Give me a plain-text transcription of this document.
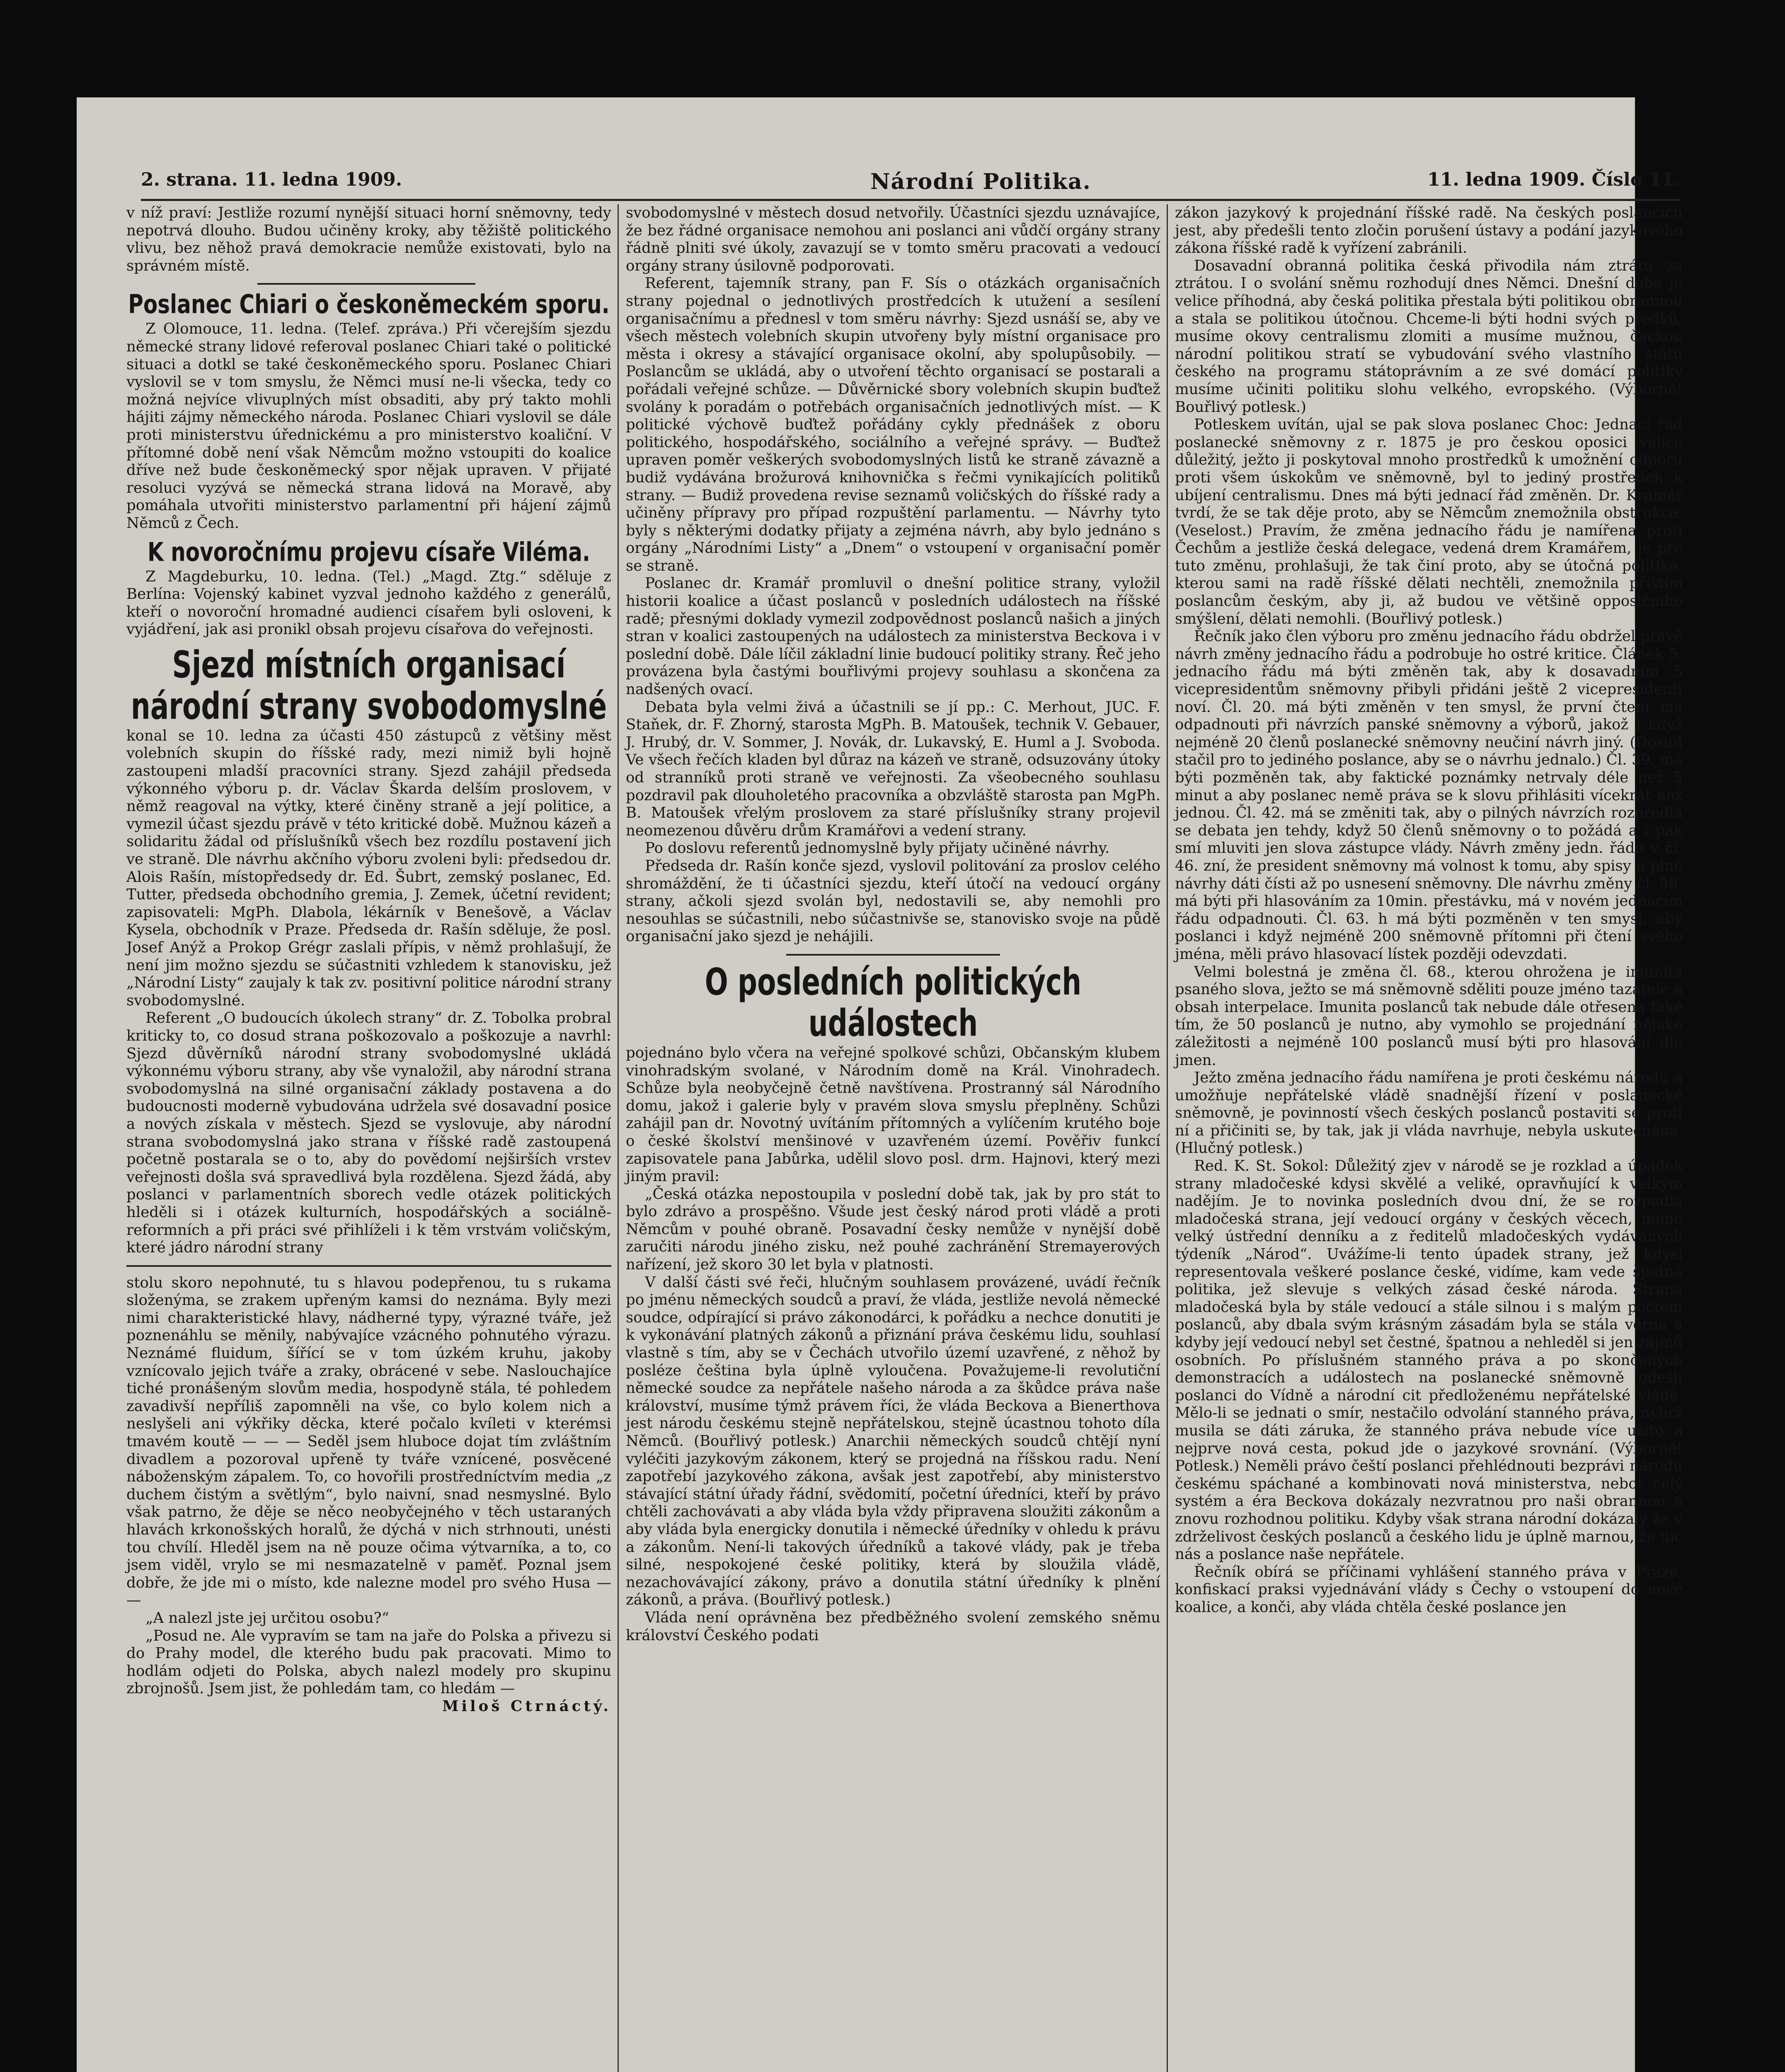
2. strana. 11. ledna 1909.	Národní Politika.	11. ledna 1909. Číslo 11.

v níž praví: Jestliže rozumí nynější situaci horní sněmovny, tedy nepotrvá dlouho. Budou učiněny kroky, aby těžiště politického vlivu, bez něhož pravá demokracie nemůže existovati, bylo na správném místě.

Poslanec Chiari o českoněmeckém sporu.

Z Olomouce, 11. ledna. (Telef. zpráva.) Při včerejším sjezdu německé strany lidové referoval poslanec Chiari také o politické situaci a dotkl se také českoněmeckého sporu. Poslanec Chiari vyslovil se v tom smyslu, že Němci musí ne-li všecka, tedy co možná nejvíce vlivuplných míst obsaditi, aby prý takto mohli hájiti zájmy německého národa. Poslanec Chiari vyslovil se dále proti ministerstvu úřednickému a pro ministerstvo koaliční. V přítomné době není však Němcům možno vstoupiti do koalice dříve než bude českoněmecký spor nějak upraven. V přijaté resoluci vyzývá se německá strana lidová na Moravě, aby pomáhala utvořiti ministerstvo parlamentní při hájení zájmů Němců z Čech.

K novoročnímu projevu císaře Viléma.

Z Magdeburku, 10. ledna. (Tel.) „Magd. Ztg.“ sděluje z Berlína: Vojenský kabinet vyzval jednoho každého z generálů, kteří o novoroční hromadné audienci císařem byli osloveni, k vyjádření, jak asi pronikl obsah projevu císařova do veřejnosti.

Sjezd místních organisací národní strany svobodomyslné

konal se 10. ledna za účasti 450 zástupců z většiny měst volebních skupin do říšské rady, mezi nimiž byli hojně zastoupeni mladší pracovníci strany. Sjezd zahájil předseda výkonného výboru p. dr. Václav Škarda delším proslovem, v němž reagoval na výtky, které činěny straně a její politice, a vymezil účast sjezdu právě v této kritické době. Mužnou kázeň a solidaritu žádal od příslušníků všech bez rozdílu postavení jich ve straně. Dle návrhu akčního výboru zvoleni byli: předsedou dr. Alois Rašín, místopředsedy dr. Ed. Šubrt, zemský poslanec, Ed. Tutter, předseda obchodního gremia, J. Zemek, účetní revident; zapisovateli: MgPh. Dlabola, lékárník v Benešově, a Václav Kysela, obchodník v Praze. Předseda dr. Rašín sděluje, že posl. Josef Anýž a Prokop Grégr zaslali přípis, v němž prohlašují, že není jim možno sjezdu se súčastniti vzhledem k stanovisku, jež „Národní Listy“ zaujaly k tak zv. positivní politice národní strany svobodomyslné.

Referent „O budoucích úkolech strany“ dr. Z. Tobolka probral kriticky to, co dosud strana poškozovalo a poškozuje a navrhl: Sjezd důvěrníků národní strany svobodomyslné ukládá výkonnému výboru strany, aby vše vynaložil, aby národní strana svobodomyslná na silné organisační základy postavena a do budoucnosti moderně vybudována udržela své dosavadní posice a nových získala v městech. Sjezd se vyslovuje, aby národní strana svobodomyslná jako strana v říšské radě zastoupená početně postarala se o to, aby do povědomí nejširších vrstev veřejnosti došla svá spravedlivá byla rozdělena. Sjezd žádá, aby poslanci v parlamentních sborech vedle otázek politických hleděli si i otázek kulturních, hospodářských a sociálně-reformních a při práci své přihlíželi i k těm vrstvám voličským, které jádro národní strany

stolu skoro nepohnuté, tu s hlavou podepřenou, tu s rukama složenýma, se zrakem upřeným kamsi do neznáma. Byly mezi nimi charakteristické hlavy, nádherné typy, výrazné tváře, jež poznenáhlu se měnily, nabývajíce vzácného pohnutého výrazu. Neznámé fluidum, šířící se v tom úzkém kruhu, jakoby vznícovalo jejich tváře a zraky, obrácené v sebe. Naslouchajíce tiché pronášeným slovům media, hospodyně stála, té pohledem zavadivší nepříliš zapomněli na vše, co bylo kolem nich a neslyšeli ani výkřiky děcka, které počalo kvíleti v kterémsi tmavém koutě — — — Seděl jsem hluboce dojat tím zvláštním divadlem a pozoroval upřeně ty tváře vznícené, posvěcené náboženským zápalem. To, co hovořili prostředníctvím media „z duchem čistým a světlým“, bylo naivní, snad nesmyslné. Bylo však patrno, že děje se něco neobyčejného v těch ustaraných hlavách krkonošských horalů, že dýchá v nich strhnouti, unésti tou chvílí. Hleděl jsem na ně pouze očima výtvarníka, a to, co jsem viděl, vrylo se mi nesmazatelně v paměť. Poznal jsem dobře, že jde mi o místo, kde nalezne model pro svého Husa — —

„A nalezl jste jej určitou osobu?“

„Posud ne. Ale vypravím se tam na jaře do Polska a přivezu si do Prahy model, dle kterého budu pak pracovati. Mimo to hodlám odjeti do Polska, abych nalezl modely pro skupinu zbrojnošů. Jsem jist, že pohledám tam, co hledám —

Miloš Ctrnáctý.

svobodomyslné v městech dosud netvořily. Účastníci sjezdu uznávajíce, že bez řádné organisace nemohou ani poslanci ani vůdčí orgány strany řádně plniti své úkoly, zavazují se v tomto směru pracovati a vedoucí orgány strany úsilovně podporovati.

Referent, tajemník strany, pan F. Sís o otázkách organisačních strany pojednal o jednotlivých prostředcích k utužení a sesílení organisačnímu a přednesl v tom směru návrhy: Sjezd usnáší se, aby ve všech městech volebních skupin utvořeny byly místní organisace pro města i okresy a stávající organisace okolní, aby spolupůsobily. — Poslancům se ukládá, aby o utvoření těchto organisací se postarali a pořádali veřejné schůze. — Důvěrnické sbory volebních skupin buďtež svolány k poradám o potřebách organisačních jednotlivých míst. — K politické výchově buďtež pořádány cykly přednášek z oboru politického, hospodářského, sociálního a veřejné správy. — Buďtež upraven poměr veškerých svobodomyslných listů ke straně závazně a budiž vydávána brožurová knihovnička s řečmi vynikajících politiků strany. — Budiž provedena revise seznamů voličských do říšské rady a učiněny přípravy pro případ rozpuštění parlamentu. — Návrhy tyto byly s některými dodatky přijaty a zejména návrh, aby bylo jednáno s orgány „Národními Listy“ a „Dnem“ o vstoupení v organisační poměr se straně.

Poslanec dr. Kramář promluvil o dnešní politice strany, vyložil historii koalice a účast poslanců v posledních událostech na říšské radě; přesnými doklady vymezil zodpovědnost poslanců našich a jiných stran v koalici zastoupených na událostech za ministerstva Beckova i v poslední době. Dále líčil základní linie budoucí politiky strany. Řeč jeho provázena byla častými bouřlivými projevy souhlasu a skončena za nadšených ovací.

Debata byla velmi živá a účastnili se jí pp.: C. Merhout, JUC. F. Staňek, dr. F. Zhorný, starosta MgPh. B. Matoušek, technik V. Gebauer, J. Hrubý, dr. V. Sommer, J. Novák, dr. Lukavský, E. Huml a J. Svoboda. Ve všech řečích kladen byl důraz na kázeň ve straně, odsuzovány útoky od stranníků proti straně ve veřejnosti. Za všeobecného souhlasu pozdravil pak dlouholetého pracovníka a obzvláště starosta pan MgPh. B. Matoušek vřelým proslovem za staré příslušníky strany projevil neomezenou důvěru drům Kramářovi a vedení strany.

Po doslovu referentů jednomyslně byly přijaty učiněné návrhy.

Předseda dr. Rašín konče sjezd, vyslovil politování za proslov celého shromáždění, že ti účastníci sjezdu, kteří útočí na vedoucí orgány strany, ačkoli sjezd svolán byl, nedostavili se, aby nemohli pro nesouhlas se súčastnili, nebo súčastnivše se, stanovisko svoje na půdě organisační jako sjezd je nehájili.

O posledních politických událostech

pojednáno bylo včera na veřejné spolkové schůzi, Občanským klubem vinohradským svolané, v Národním domě na Král. Vinohradech. Schůze byla neobyčejně četně navštívena. Prostranný sál Národního domu, jakož i galerie byly v pravém slova smyslu přeplněny. Schůzi zahájil pan dr. Novotný uvítáním přítomných a vylíčením krutého boje o české školství menšinové v uzavřeném území. Pověřiv funkcí zapisovatele pana Jabůrka, udělil slovo posl. drm. Hajnovi, který mezi jiným pravil:

„Česká otázka nepostoupila v poslední době tak, jak by pro stát to bylo zdrávo a prospěšno. Všude jest český národ proti vládě a proti Němcům v pouhé obraně. Posavadní česky nemůže v nynější době zaručiti národu jiného zisku, než pouhé zachránění Stremayerových nařízení, jež skoro 30 let byla v platnosti.

V další části své řeči, hlučným souhlasem provázené, uvádí řečník po jménu německých soudců a praví, že vláda, jestliže nevolá německé soudce, odpírající si právo zákonodárci, k pořádku a nechce donutiti je k vykonávání platných zákonů a přiznání práva českému lidu, souhlasí vlastně s tím, aby se v Čechách utvořilo území uzavřené, z něhož by posléze čeština byla úplně vyloučena. Považujeme-li revolutiční německé soudce za nepřátele našeho národa a za škůdce práva naše království, musíme týmž právem říci, že vláda Beckova a Bienerthova jest národu českému stejně nepřátelskou, stejně úcastnou tohoto díla Němců. (Bouřlivý potlesk.) Anarchii německých soudců chtějí nyní vyléčiti jazykovým zákonem, který se projedná na říšskou radu. Není zapotřebí jazykového zákona, avšak jest zapotřebí, aby ministerstvo stávající státní úřady řádní, svědomití, početní úředníci, kteří by právo chtěli zachovávati a aby vláda byla vždy připravena sloužiti zákonům a aby vláda byla energicky donutila i německé úředníky v ohledu k právu a zákonům. Není-li takových úředníků a takové vlády, pak je třeba silné, nespokojené české politiky, která by sloužila vládě, nezachovávající zákony, právo a donutila státní úředníky k plnění zákonů, a práva. (Bouřlivý potlesk.)

Vláda není oprávněna bez předběžného svolení zemského sněmu království Českého podati

zákon jazykový k projednání říšské radě. Na českých poslancích jest, aby předešli tento zločin porušení ústavy a podání jazykového zákona říšské radě k vyřízení zabránili.

Dosavadní obranná politika česká přivodila nám ztrátu za ztrátou. I o svolání sněmu rozhodují dnes Němci. Dnešní doba je velice příhodná, aby česká politika přestala býti politikou obrannou a stala se politikou útočnou. Chceme-li býti hodni svých předků, musíme okovy centralismu zlomiti a musíme mužnou, čackou národní politikou stratí se vybudování svého vlastního státu českého na programu státoprávním a ze své domácí politiky musíme učiniti politiku slohu velkého, evropského. (Výborně! Bouřlivý potlesk.)

Potleskem uvítán, ujal se pak slova poslanec Choc: Jednací řád poslanecké sněmovny z r. 1875 je pro českou oposici velice důležitý, ježto ji poskytoval mnoho prostředků k umožnění odporu proti všem úskokům ve sněmovně, byl to jediný prostředek k ubíjení centralismu. Dnes má býti jednací řád změněn. Dr. Kramář tvrdí, že se tak děje proto, aby se Němcům znemožnila obstrukce. (Veselost.) Pravím, že změna jednacího řádu je namířena proti Čechům a jestliže česká delegace, vedená drem Kramářem, je pro tuto změnu, prohlašuji, že tak činí proto, aby se útočná politika, kterou sami na radě říšské dělati nechtěli, znemožnila příštím poslancům českým, aby ji, až budou ve většině opposičního smýšlení, dělati nemohli. (Bouřlivý potlesk.)

Řečník jako člen výboru pro změnu jednacího řádu obdržel právě návrh změny jednacího řádu a podrobuje ho ostré kritice. Článek 5. jednacího řádu má býti změněn tak, aby k dosavadním 5 vicepresidentům sněmovny přibyli přidáni ještě 2 vicepresidenti noví. Čl. 20. má býti změněn v ten smysl, že první čtení má odpadnouti při návrzích panské sněmovny a výborů, jakož i když nejméně 20 členů poslanecké sněmovny neučiní návrh jiný. (Dosud stačil pro to jediného poslance, aby se o návrhu jednalo.) Čl. 39. má býti pozměněn tak, aby faktické poznámky netrvaly déle než 5 minut a aby poslanec nemě práva se k slovu přihlásiti vícekrát než jednou. Čl. 42. má se změniti tak, aby o pilných návrzích rozpředla se debata jen tehdy, když 50 členů sněmovny o to požádá a i pak smí mluviti jen slova zástupce vlády. Návrh změny jedn. řádu v čl. 46. zní, že president sněmovny má volnost k tomu, aby spisy a plné návrhy dáti čísti až po usnesení sněmovny. Dle návrhu změny čl. 58. má býti při hlasováním za 10min. přestávku, má v novém jednacím řádu odpadnouti. Čl. 63. h má býti pozměněn v ten smysl, aby poslanci i když nejméně 200 sněmovně přítomni při čtení svého jména, měli právo hlasovací lístek později odevzdati.

Velmi bolestná je změna čl. 68., kterou ohrožena je imunita psaného slova, ježto se má sněmovně sděliti pouze jméno tazatele a obsah interpelace. Imunita poslanců tak nebude dále otřesena také tím, že 50 poslanců je nutno, aby vymohlo se projednání nějaké záležitosti a nejméně 100 poslanců musí býti pro hlasování dle jmen.

Ježto změna jednacího řádu namířena je proti českému národu a umožňuje nepřátelské vládě snadnější řízení v poslanecké sněmovně, je povinností všech českých poslanců postaviti se proti ní a přičiniti se, by tak, jak ji vláda navrhuje, nebyla uskutečněna. (Hlučný potlesk.)

Red. K. St. Sokol: Důležitý zjev v národě se je rozklad a úpadek strany mladočeské kdysi skvělé a veliké, opravňující k velkým nadějím. Je to novinka posledních dvou dní, že se rozpadla mladočeská strana, její vedoucí orgány v českých věcech, mimo velký ústřední denníku a z ředitelů mladočeských vydávaných týdeník „Národ“. Uvážíme-li tento úpadek strany, jež kdysi representovala veškeré poslance české, vidíme, kam vede špatná politika, jež slevuje s velkých zásad české národa. Strana mladočeská byla by stále vedoucí a stále silnou i s malým počtem poslanců, aby dbala svým krásným zásadám byla se stála věrna a kdyby její vedoucí nebyl set čestné, špatnou a nehleděl si jen zájmů osobních. Po příslušném stanného práva a po skončených demonstracích a událostech na poslanecké sněmovně odešli poslanci do Vídně a národní cit předloženému nepřátelské vládě. Mělo-li se jednati o smír, nestačilo odvolání stanného práva, nýbrž musila se dáti záruka, že stanného práva nebude více užito a nejprve nová cesta, pokud jde o jazykové srovnání. (Výborně! Potlesk.) Neměli právo čeští poslanci přehlédnouti bezprávi národu českému spáchané a kombinovati nová ministerstva, neboť celý systém a éra Beckova dokázaly nezvratnou pro naši obrannou a znovu rozhodnou politiku. Kdyby však strana národní dokázaly že v zdrželivost českých poslanců a českého lidu je úplně marnou, že nic nás a poslance naše nepřátele.

Řečník obírá se příčinami vyhlášení stanného práva v Praze, konfiskací praksi vyjednávání vlády s Čechy o vstoupení do nové koalice, a konči, aby vláda chtěla české poslance jen
